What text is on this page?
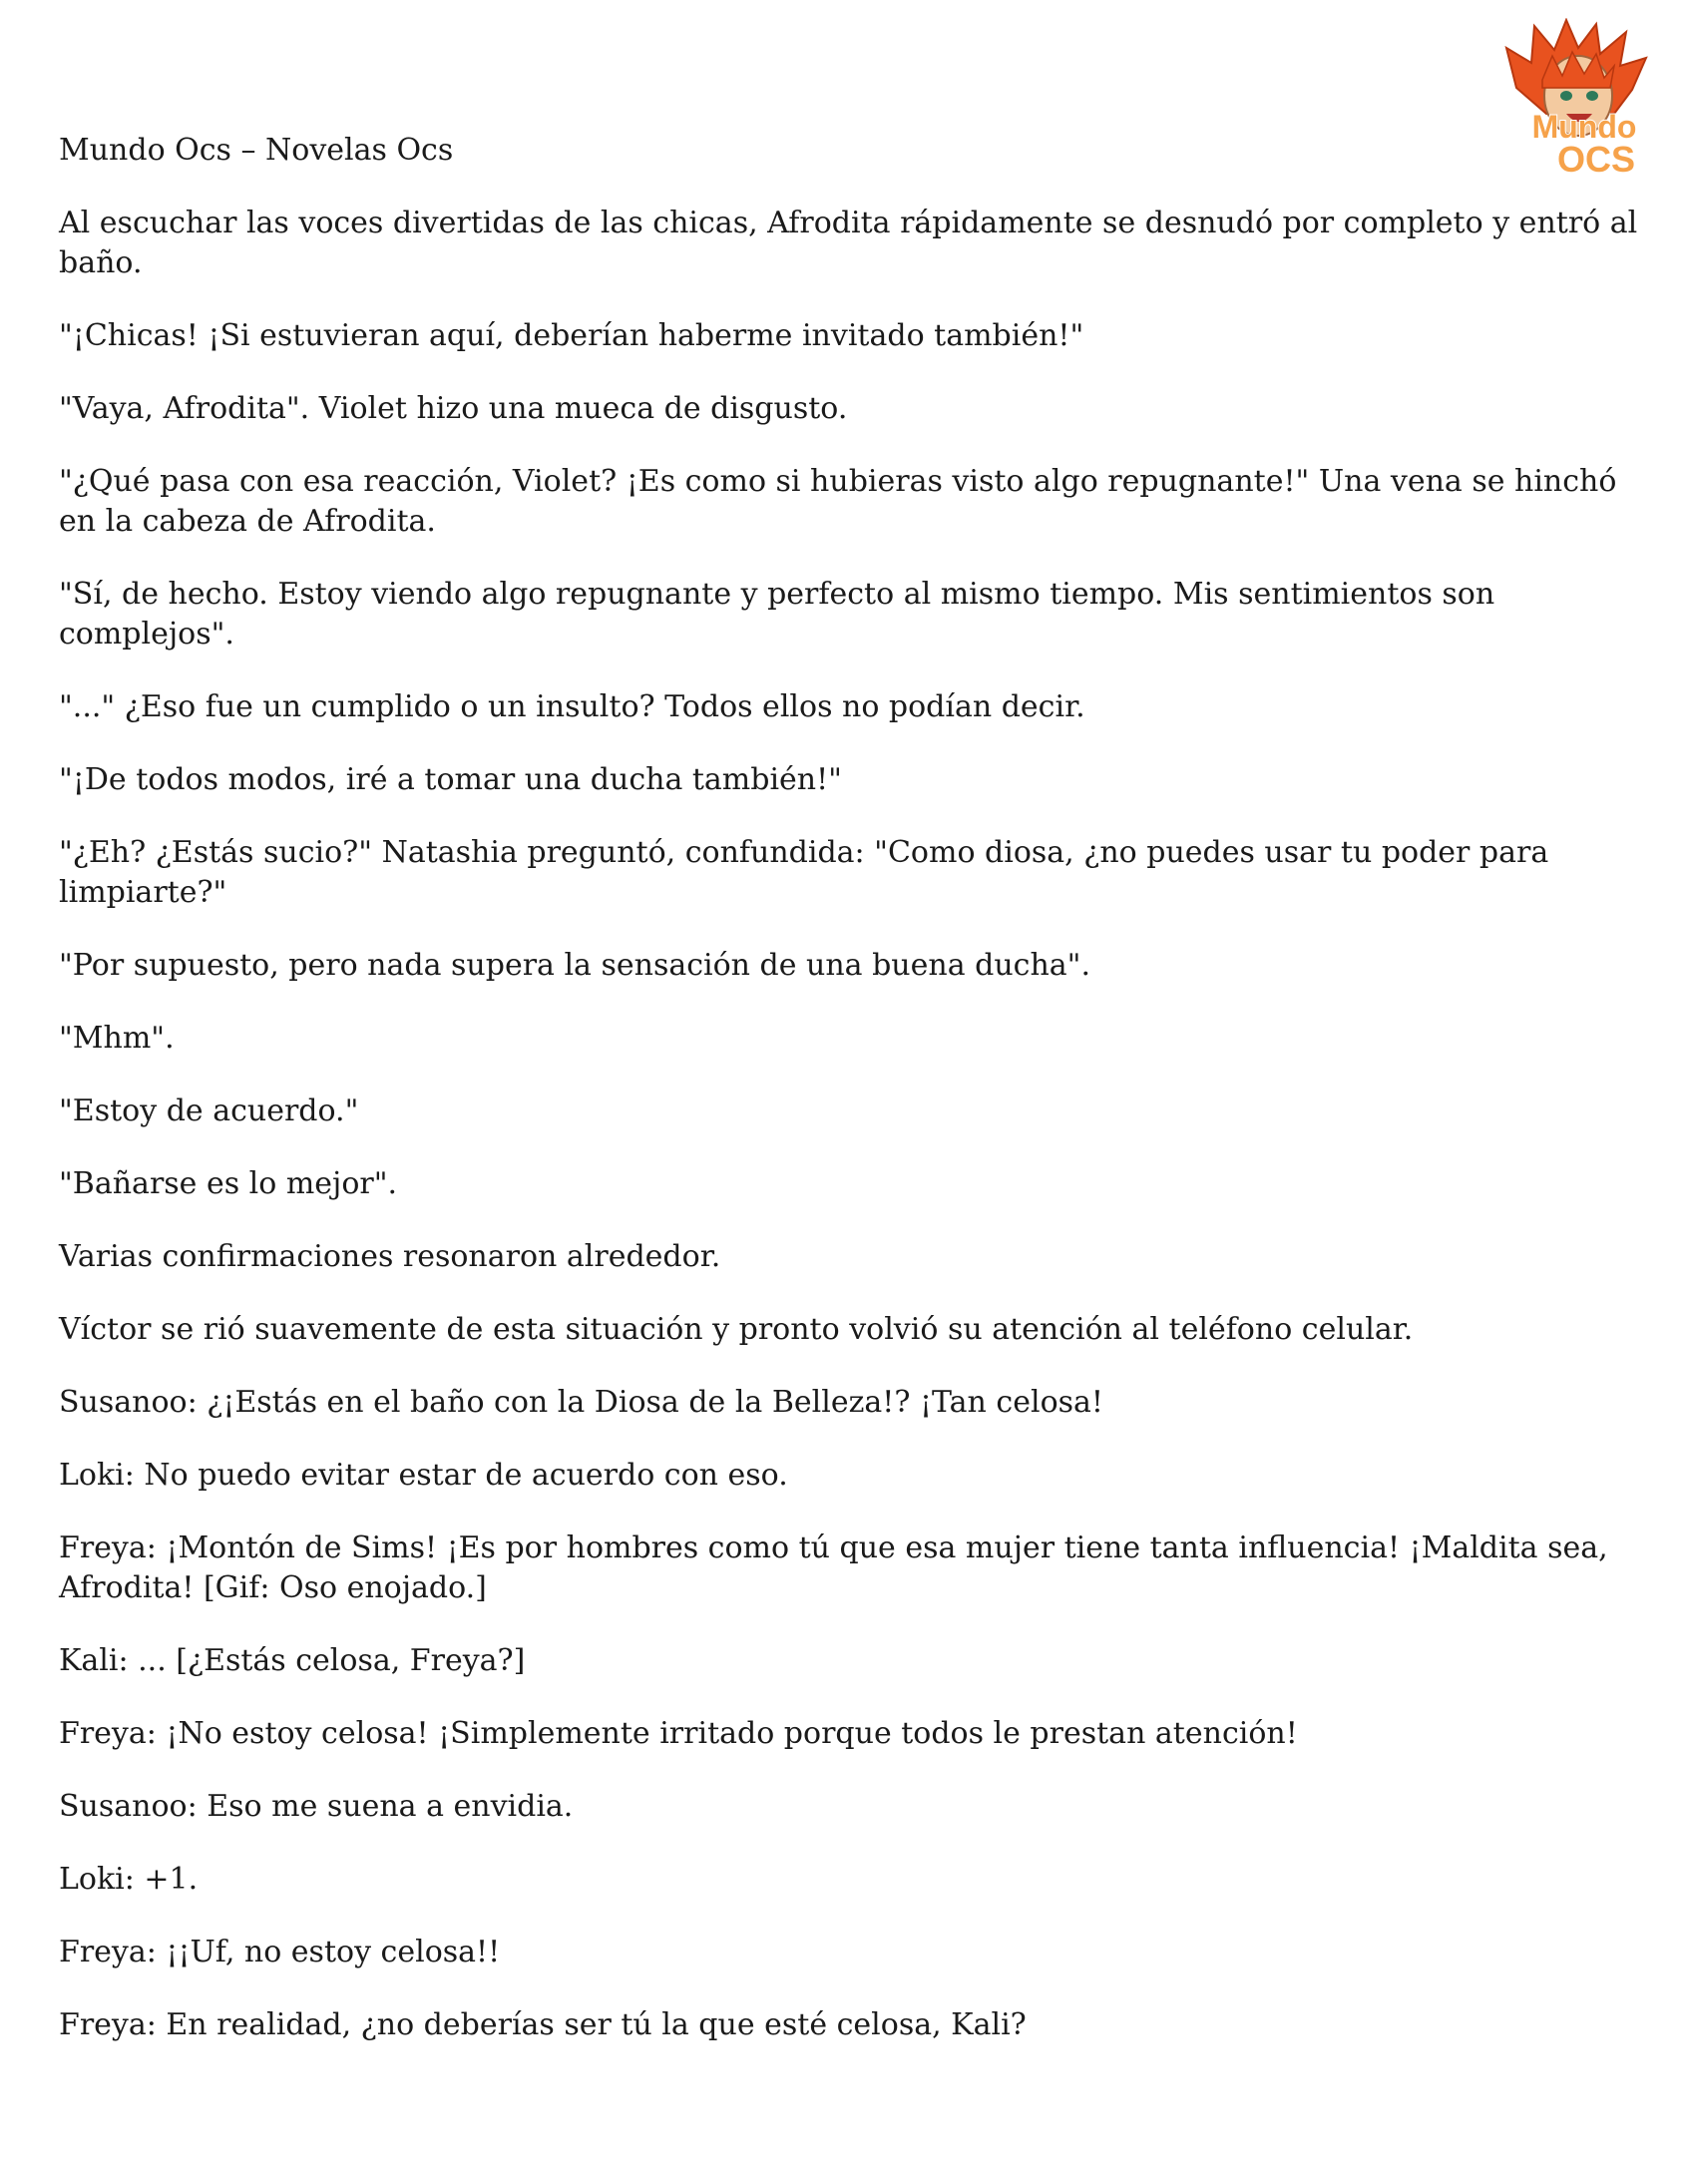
Mundo
OCS

Mundo Ocs – Novelas Ocs

Al escuchar las voces divertidas de las chicas, Afrodita rápidamente se desnudó por completo y entró al baño.

"¡Chicas! ¡Si estuvieran aquí, deberían haberme invitado también!"

"Vaya, Afrodita". Violet hizo una mueca de disgusto.

"¿Qué pasa con esa reacción, Violet? ¡Es como si hubieras visto algo repugnante!" Una vena se hinchó en la cabeza de Afrodita.

"Sí, de hecho. Estoy viendo algo repugnante y perfecto al mismo tiempo. Mis sentimientos son complejos".

"..." ¿Eso fue un cumplido o un insulto? Todos ellos no podían decir.

"¡De todos modos, iré a tomar una ducha también!"

"¿Eh? ¿Estás sucio?" Natashia preguntó, confundida: "Como diosa, ¿no puedes usar tu poder para limpiarte?"

"Por supuesto, pero nada supera la sensación de una buena ducha".

"Mhm".

"Estoy de acuerdo."

"Bañarse es lo mejor".

Varias confirmaciones resonaron alrededor.

Víctor se rió suavemente de esta situación y pronto volvió su atención al teléfono celular.

Susanoo: ¿¡Estás en el baño con la Diosa de la Belleza!? ¡Tan celosa!

Loki: No puedo evitar estar de acuerdo con eso.

Freya: ¡Montón de Sims! ¡Es por hombres como tú que esa mujer tiene tanta influencia! ¡Maldita sea, Afrodita! [Gif: Oso enojado.]

Kali: ... [¿Estás celosa, Freya?]

Freya: ¡No estoy celosa! ¡Simplemente irritado porque todos le prestan atención!

Susanoo: Eso me suena a envidia.

Loki: +1.

Freya: ¡¡Uf, no estoy celosa!!

Freya: En realidad, ¿no deberías ser tú la que esté celosa, Kali?
